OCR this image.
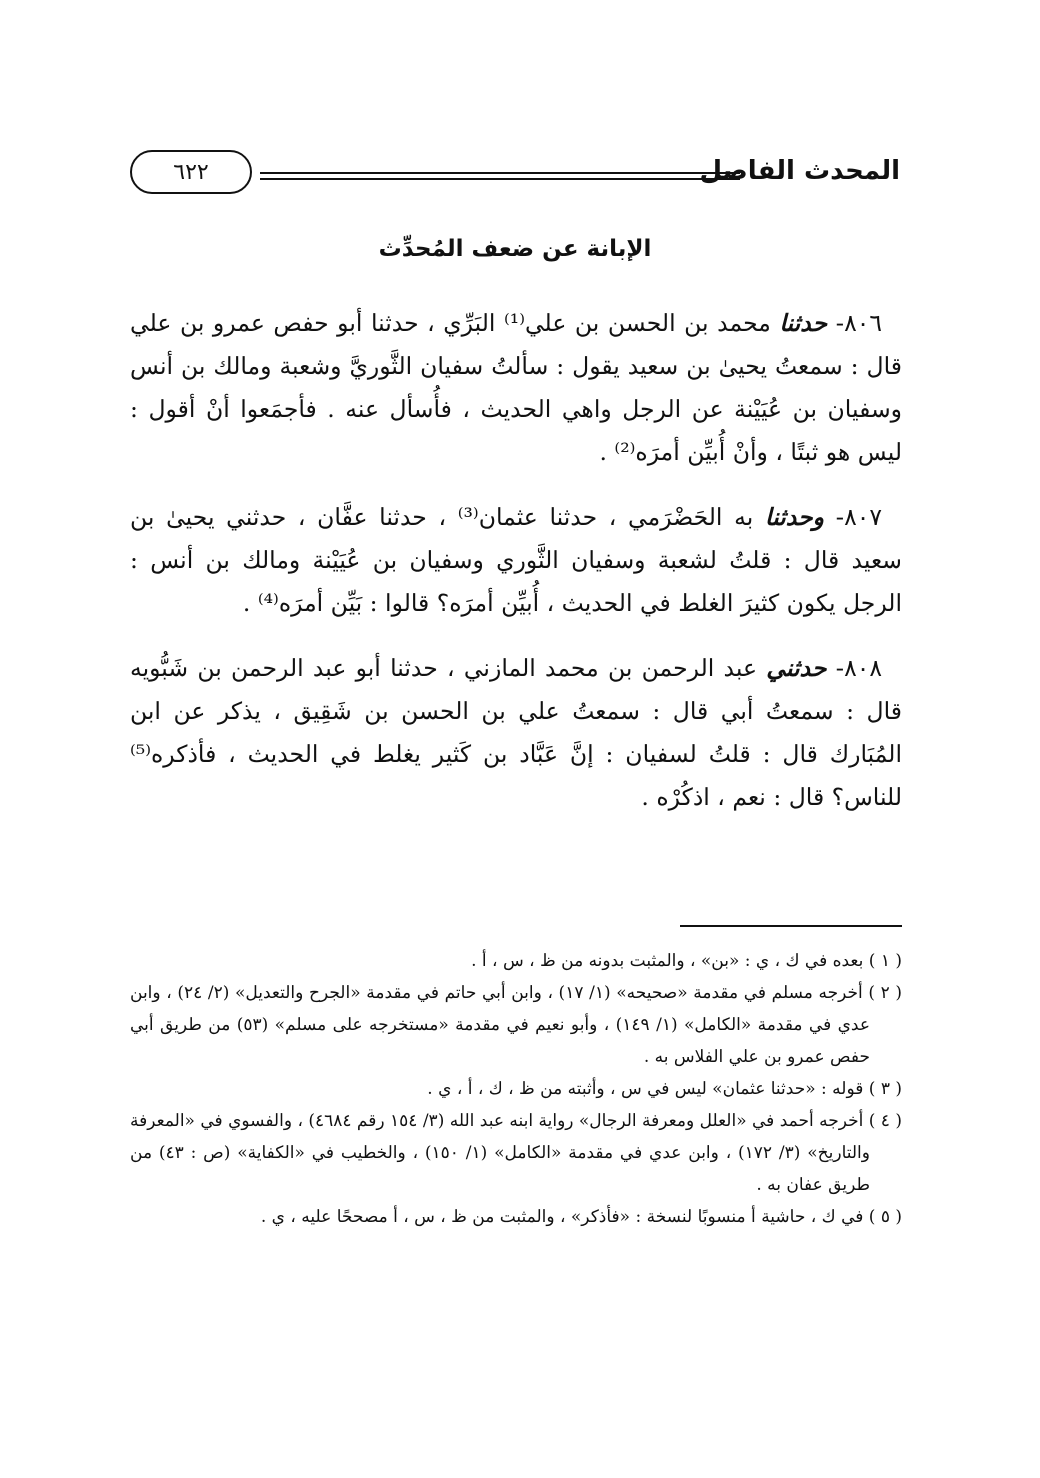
المحدث الفاصل
٦٢٢
الإبانة عن ضعف المُحدِّث

٨٠٦- حدثنا محمد بن الحسن بن علي⁽¹⁾ البَرِّي ، حدثنا أبو حفص عمرو بن علي قال : سمعتُ يحيىٰ بن سعيد يقول : سألتُ سفيان الثَّوريَّ وشعبة ومالك بن أنس وسفيان بن عُيَيْنة عن الرجل واهي الحديث ، فأُسأل عنه . فأجمَعوا أنْ أقول : ليس هو ثبتًا ، وأنْ أُبيِّن أمرَه⁽²⁾ .

٨٠٧- وحدثنا به الحَضْرَمي ، حدثنا عثمان⁽³⁾ ، حدثنا عفَّان ، حدثني يحيىٰ بن سعيد قال : قلتُ لشعبة وسفيان الثَّوري وسفيان بن عُيَيْنة ومالك بن أنس : الرجل يكون كثيرَ الغلط في الحديث ، أُبيِّن أمرَه؟ قالوا : بَيِّن أمرَه⁽⁴⁾ .

٨٠٨- حدثني عبد الرحمن بن محمد المازني ، حدثنا أبو عبد الرحمن بن شَبُّويه قال : سمعتُ أبي قال : سمعتُ علي بن الحسن بن شَقِيق ، يذكر عن ابن المُبَارك قال : قلتُ لسفيان : إنَّ عَبَّاد بن كَثير يغلط في الحديث ، فأذكره⁽⁵⁾ للناس؟ قال : نعم ، اذكُرْه .

( ١ ) بعده في ك ، ي : «بن» ، والمثبت بدونه من ظ ، س ، أ .

( ٢ ) أخرجه مسلم في مقدمة «صحيحه» (١/ ١٧) ، وابن أبي حاتم في مقدمة «الجرح والتعديل» (٢/ ٢٤) ، وابن عدي في مقدمة «الكامل» (١/ ١٤٩) ، وأبو نعيم في مقدمة «مستخرجه على مسلم» (٥٣) من طريق أبي حفص عمرو بن علي الفلاس به .

( ٣ ) قوله : «حدثنا عثمان» ليس في س ، وأثبته من ظ ، ك ، أ ، ي .

( ٤ ) أخرجه أحمد في «العلل ومعرفة الرجال» رواية ابنه عبد الله (٣/ ١٥٤ رقم ٤٦٨٤) ، والفسوي في «المعرفة والتاريخ» (٣/ ١٧٢) ، وابن عدي في مقدمة «الكامل» (١/ ١٥٠) ، والخطيب في «الكفاية» (ص : ٤٣) من طريق عفان به .

( ٥ ) في ك ، حاشية أ منسوبًا لنسخة : «فأذكر» ، والمثبت من ظ ، س ، أ مصححًا عليه ، ي .
